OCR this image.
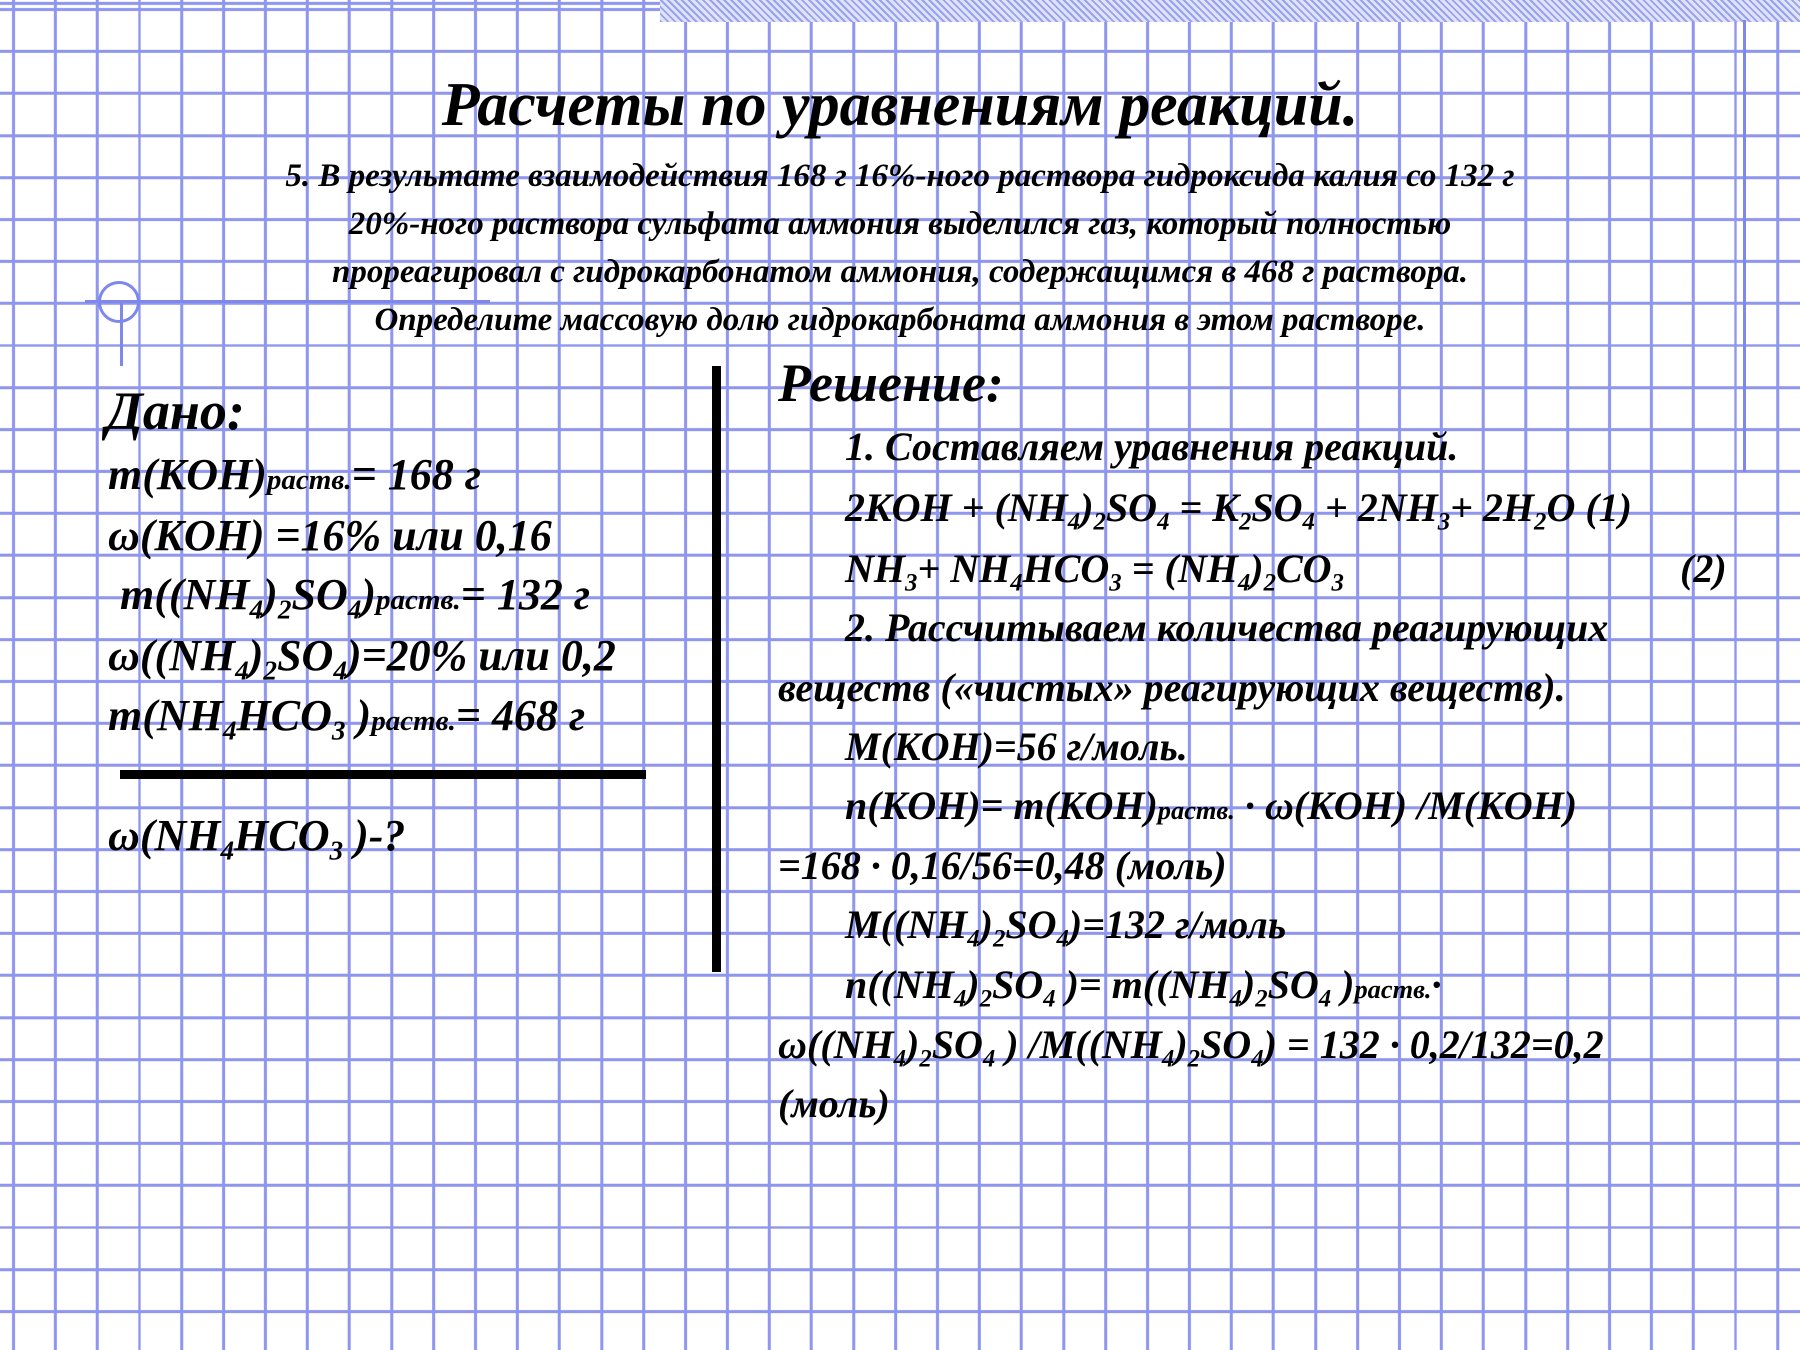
Расчеты по уравнениям реакций.
5. В результате взаимодействия 168 г 16%-ного раствора гидроксида калия со 132 г
20%-ного раствора сульфата аммония выделился газ, который полностью
прореагировал с гидрокарбонатом аммония, содержащимся в 468 г раствора.
Определите массовую долю гидрокарбоната аммония в этом растворе.
Дано:
m(KOH)раств.= 168 г
ω(KOH) =16% или 0,16
$m((NH_4)_2SO_4)раств.= 132$ г
$\omega((NH_4)_2SO_4)=20\%$ или 0,2
$m(NH_4HCO_3$ )раств.= 468 г
$\omega(NH_4HCO_3$ )-?
Решение:
1. Составляем уравнения реакций.
$2KOH + (NH_4)_2SO_4 = K_2SO_4 + 2NH_3+ 2H_2O$ (1)
$NH_3+ NH_4HCO_3 = (NH_4)_2CO_3$	(2)
2. Рассчитываем количества реагирующих
веществ («чистых» реагирующих веществ).
M(KOH)=56 г/моль.
n(KOH)= m(KOH)раств. · ω(KOH) /M(KOH)
=168 · 0,16/56=0,48 (моль)
$M((NH_4)_2SO_4)=132$ г/моль
$n((NH_4)_2SO_4$ )= $m((NH_4)_2SO_4$ )раств.·
$\omega((NH_4)_2SO_4$ ) $/M((NH_4)_2SO_4) = 132 \cdot 0,2/132=0,2$
(моль)
